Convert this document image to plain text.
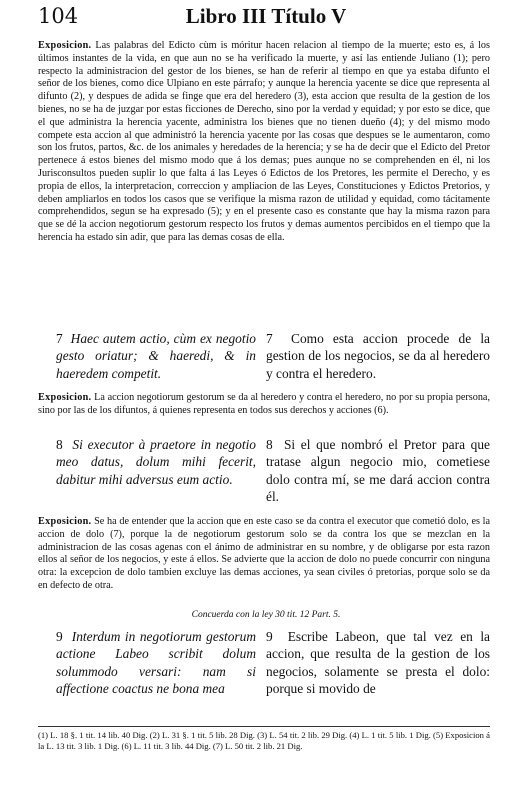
104	Libro III Título V
Exposicion. Las palabras del Edicto cùm is móritur hacen relacion al tiempo de la muerte; esto es, á los últimos instantes de la vida, en que aun no se ha verificado la muerte, y así las entiende Juliano (1); pero respecto la administracion del gestor de los bienes, se han de referir al tiempo en que ya estaba difunto el señor de los bienes, como dice Ulpiano en este párrafo; y aunque la herencia yacente se dice que representa al difunto (2), y despues de adida se finge que era del heredero (3), esta accion que resulta de la gestion de los bienes, no se ha de juzgar por estas ficciones de Derecho, sino por la verdad y equidad; y por esto se dice, que el que administra la herencia yacente, administra los bienes que no tienen dueño (4); y del mismo modo compete esta accion al que administró la herencia yacente por las cosas que despues se le aumentaron, como son los frutos, partos, &c. de los animales y heredades de la herencia; y se ha de decir que el Edicto del Pretor pertenece á estos bienes del mismo modo que á los demas; pues aunque no se comprehenden en él, ni los Jurisconsultos pueden suplir lo que falta á las Leyes ó Edictos de los Pretores, les permite el Derecho, y es propia de ellos, la interpretacion, correccion y ampliacion de las Leyes, Constituciones y Edictos Pretorios, y deben ampliarlos en todos los casos que se verifique la misma razon de utilidad y equidad, como tácitamente comprehendidos, segun se ha expresado (5); y en el presente caso es constante que hay la misma razon para que se dé la accion negotiorum gestorum respecto los frutos y demas aumentos percibidos en el tiempo que la herencia ha estado sin adir, que para las demas cosas de ella.
7 Haec autem actio, cùm ex negotio gesto oriatur; & haeredi, & in haeredem competit.
7 Como esta accion procede de la gestion de los negocios, se da al heredero y contra el heredero.
Exposicion. La accion negotiorum gestorum se da al heredero y contra el heredero, no por su propia persona, sino por las de los difuntos, á quienes representa en todos sus derechos y acciones (6).
8 Si executor à praetore in negotio meo datus, dolum mihi fecerit, dabitur mihi adversus eum actio.
8 Si el que nombró el Pretor para que tratase algun negocio mio, cometiese dolo contra mí, se me dará accion contra él.
Exposicion. Se ha de entender que la accion que en este caso se da contra el executor que cometió dolo, es la accion de dolo (7), porque la de negotiorum gestorum solo se da contra los que se mezclan en la administracion de las cosas agenas con el ánimo de administrar en su nombre, y de obligarse por esta razon ellos al señor de los negocios, y este á ellos. Se advierte que la accion de dolo no puede concurrir con ninguna otra: la excepcion de dolo tambien excluye las demas acciones, ya sean civiles ó pretorias, porque solo se da en defecto de otra.
Concuerda con la ley 30 tit. 12 Part. 5.
9 Interdum in negotiorum gestorum actione Labeo scribit dolum solummodo versari: nam si affectione coactus ne bona mea
9 Escribe Labeon, que tal vez en la accion, que resulta de la gestion de los negocios, solamente se presta el dolo: porque si movido de
(1) L. 18 §. 1 tit. 14 lib. 40 Dig. (2) L. 31 §. 1 tit. 5 lib. 28 Dig. (3) L. 54 tit. 2 lib. 29 Dig. (4) L. 1 tit. 5 lib. 1 Dig. (5) Exposicion á la L. 13 tit. 3 lib. 1 Dig. (6) L. 11 tit. 3 lib. 44 Dig. (7) L. 50 tit. 2 lib. 21 Dig.
